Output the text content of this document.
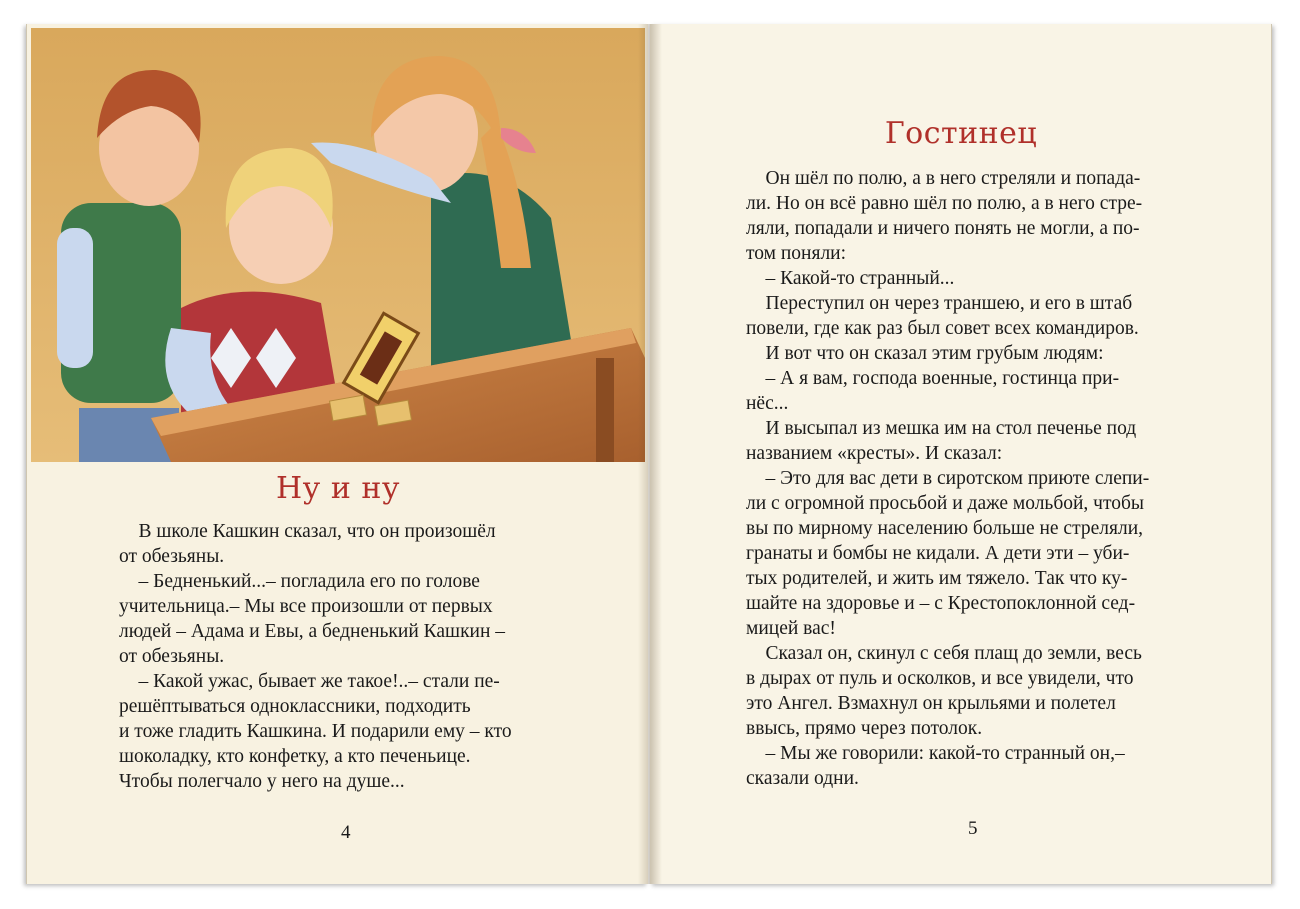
Ну и ну

В школе Кашкин сказал, что он произошёл

от обезьяны.

– Бедненький...– погладила его по голове

учительница.– Мы все произошли от первых

людей – Адама и Евы, а бедненький Кашкин –

от обезьяны.

– Какой ужас, бывает же такое!..– стали пе-

решёптываться одноклассники, подходить

и тоже гладить Кашкина. И подарили ему – кто

шоколадку, кто конфетку, а кто печеньице.

Чтобы полегчало у него на душе...

4
Гостинец

Он шёл по полю, а в него стреляли и попада-

ли. Но он всё равно шёл по полю, а в него стре-

ляли, попадали и ничего понять не могли, а по-

том поняли:

– Какой-то странный...

Переступил он через траншею, и его в штаб

повели, где как раз был совет всех командиров.

И вот что он сказал этим грубым людям:

– А я вам, господа военные, гостинца при-

нёс...

И высыпал из мешка им на стол печенье под

названием «кресты». И сказал:

– Это для вас дети в сиротском приюте слепи-

ли с огромной просьбой и даже мольбой, чтобы

вы по мирному населению больше не стреляли,

гранаты и бомбы не кидали. А дети эти – уби-

тых родителей, и жить им тяжело. Так что ку-

шайте на здоровье и – с Крестопоклонной сед-

мицей вас!

Сказал он, скинул с себя плащ до земли, весь

в дырах от пуль и осколков, и все увидели, что

это Ангел. Взмахнул он крыльями и полетел

ввысь, прямо через потолок.

– Мы же говорили: какой-то странный он,–

сказали одни.

5
